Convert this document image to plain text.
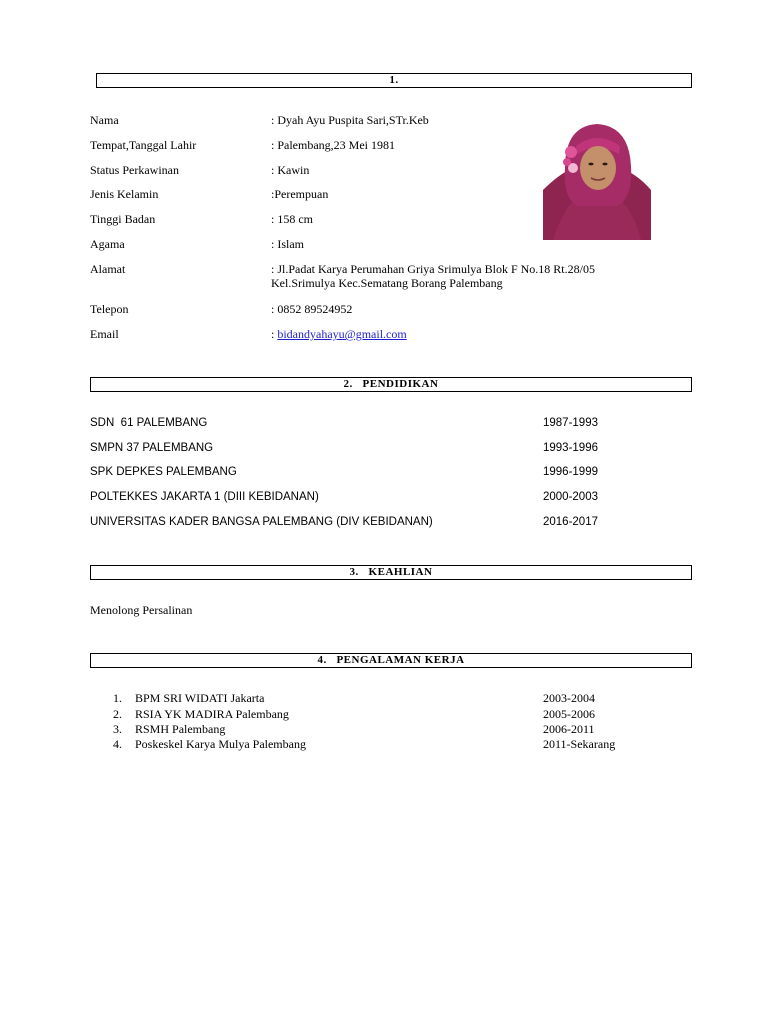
1.
Nama	: Dyah Ayu Puspita Sari,STr.Keb
Tempat,Tanggal Lahir	: Palembang,23 Mei 1981
Status Perkawinan	: Kawin
Jenis Kelamin	:Perempuan
Tinggi Badan	: 158 cm
Agama	: Islam
Alamat	: Jl.Padat Karya Perumahan Griya Srimulya Blok F No.18 Rt.28/05
Kel.Srimulya Kec.Sematang Borang Palembang
Telepon	: 0852 89524952
Email	: bidandyahayu@gmail.com
2.   PENDIDIKAN
SDN  61 PALEMBANG	1987-1993
SMPN 37 PALEMBANG	1993-1996
SPK DEPKES PALEMBANG	1996-1999
POLTEKKES JAKARTA 1 (DIII KEBIDANAN)	2000-2003
UNIVERSITAS KADER BANGSA PALEMBANG (DIV KEBIDANAN)	2016-2017
3.   KEAHLIAN
Menolong Persalinan
4.   PENGALAMAN KERJA
1. BPM SRI WIDATI Jakarta	2003-2004
2. RSIA YK MADIRA Palembang	2005-2006
3. RSMH Palembang	2006-2011
4. Poskeskel Karya Mulya Palembang	2011-Sekarang
